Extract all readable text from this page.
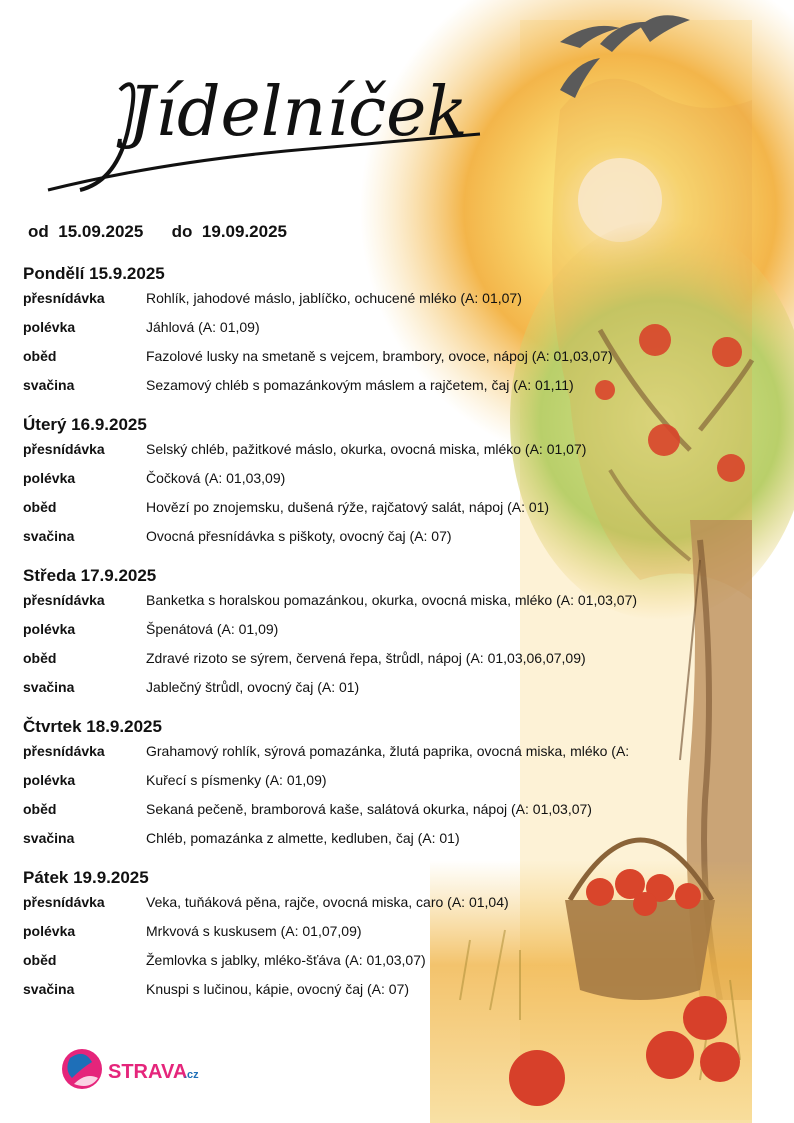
Jídelníček
od 15.09.2025 do 19.09.2025
Pondělí 15.9.2025
přesnídávka	Rohlík, jahodové máslo, jablíčko, ochucené mléko (A: 01,07)
polévka	Jáhlová (A: 01,09)
oběd	Fazolové lusky na smetaně s vejcem, brambory, ovoce, nápoj (A: 01,03,07)
svačina	Sezamový chléb s pomazánkovým máslem a rajčetem, čaj (A: 01,11)
Úterý 16.9.2025
přesnídávka	Selský chléb, pažitkové máslo, okurka, ovocná miska, mléko (A: 01,07)
polévka	Čočková (A: 01,03,09)
oběd	Hovězí po znojemsku, dušená rýže, rajčatový salát, nápoj (A: 01)
svačina	Ovocná přesnídávka s piškoty, ovocný čaj (A: 07)
Středa 17.9.2025
přesnídávka	Banketka s horalskou pomazánkou, okurka, ovocná miska, mléko (A: 01,03,07)
polévka	Špenátová (A: 01,09)
oběd	Zdravé rizoto se sýrem, červená řepa, štrůdl, nápoj (A: 01,03,06,07,09)
svačina	Jablečný štrůdl, ovocný čaj (A: 01)
Čtvrtek 18.9.2025
přesnídávka	Grahamový rohlík, sýrová pomazánka, žlutá paprika, ovocná miska, mléko (A:
polévka	Kuřecí s písmenky (A: 01,09)
oběd	Sekaná pečeně, bramborová kaše, salátová okurka, nápoj (A: 01,03,07)
svačina	Chléb, pomazánka z almette, kedluben, čaj (A: 01)
Pátek 19.9.2025
přesnídávka	Veka, tuňáková pěna, rajče, ovocná miska, caro (A: 01,04)
polévka	Mrkvová s kuskusem (A: 01,07,09)
oběd	Žemlovka s jablky, mléko-šťáva (A: 01,03,07)
svačina	Knuspi s lučinou, kápie, ovocný čaj (A: 07)
STRAVA
.cz
